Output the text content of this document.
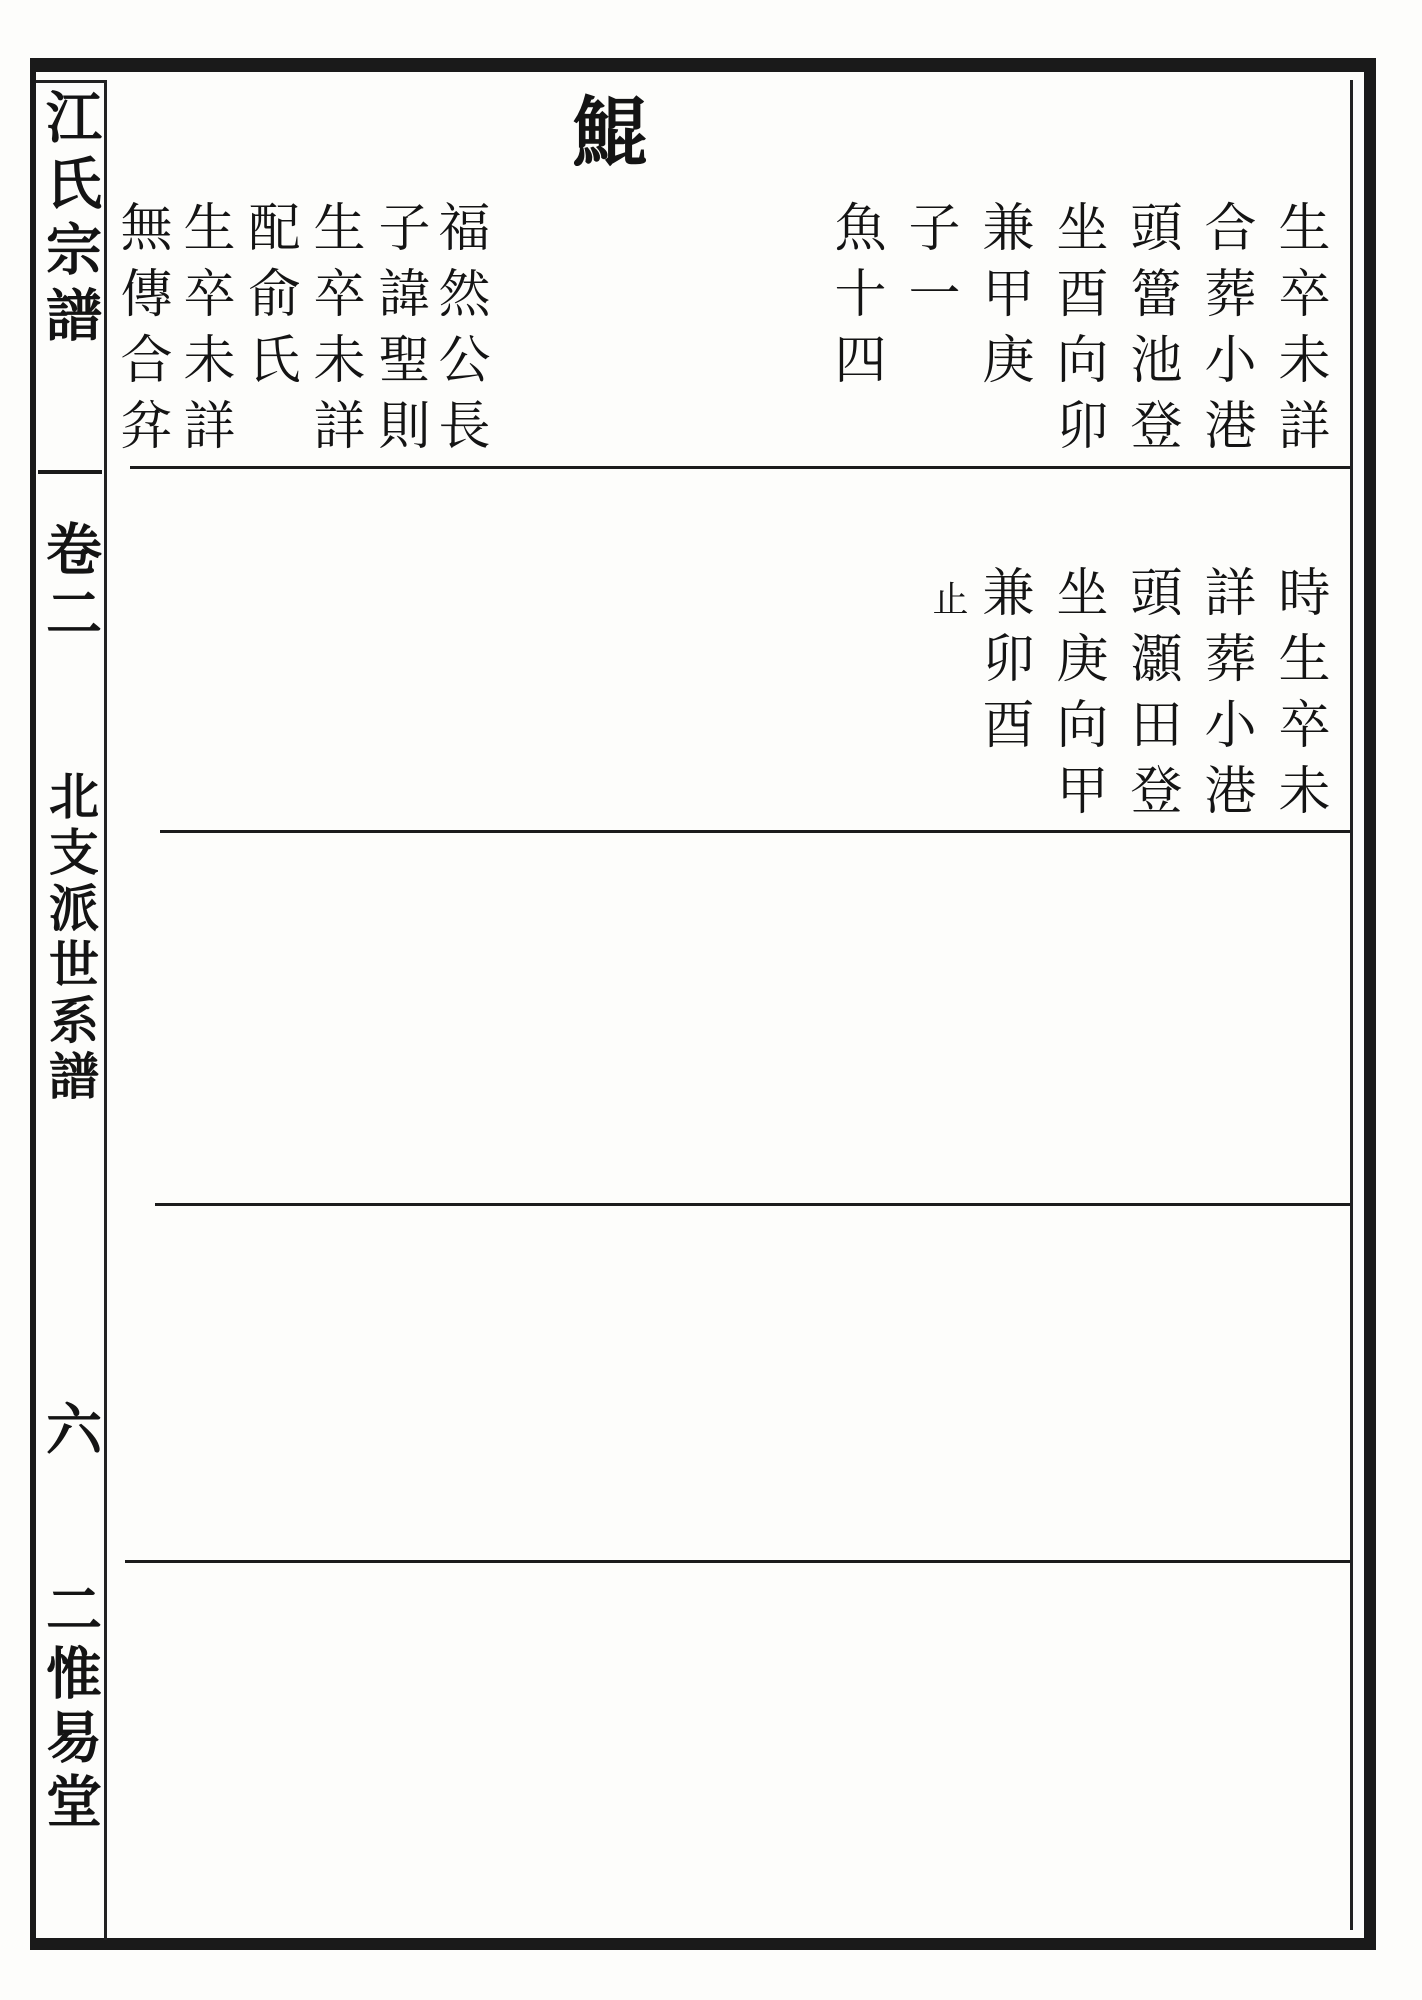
江氏宗譜
卷二
北支派世系譜
六
二惟易堂
鯤
生卒未詳
合葬小港
頭簹池登
坐酉向卯
兼甲庚
子一
魚十四
福然公長
子諱聖則
生卒未詳
配俞氏
生卒未詳
無傳合弅
時生卒未
詳葬小港
頭灝田登
坐庚向甲
兼卯酉
止
